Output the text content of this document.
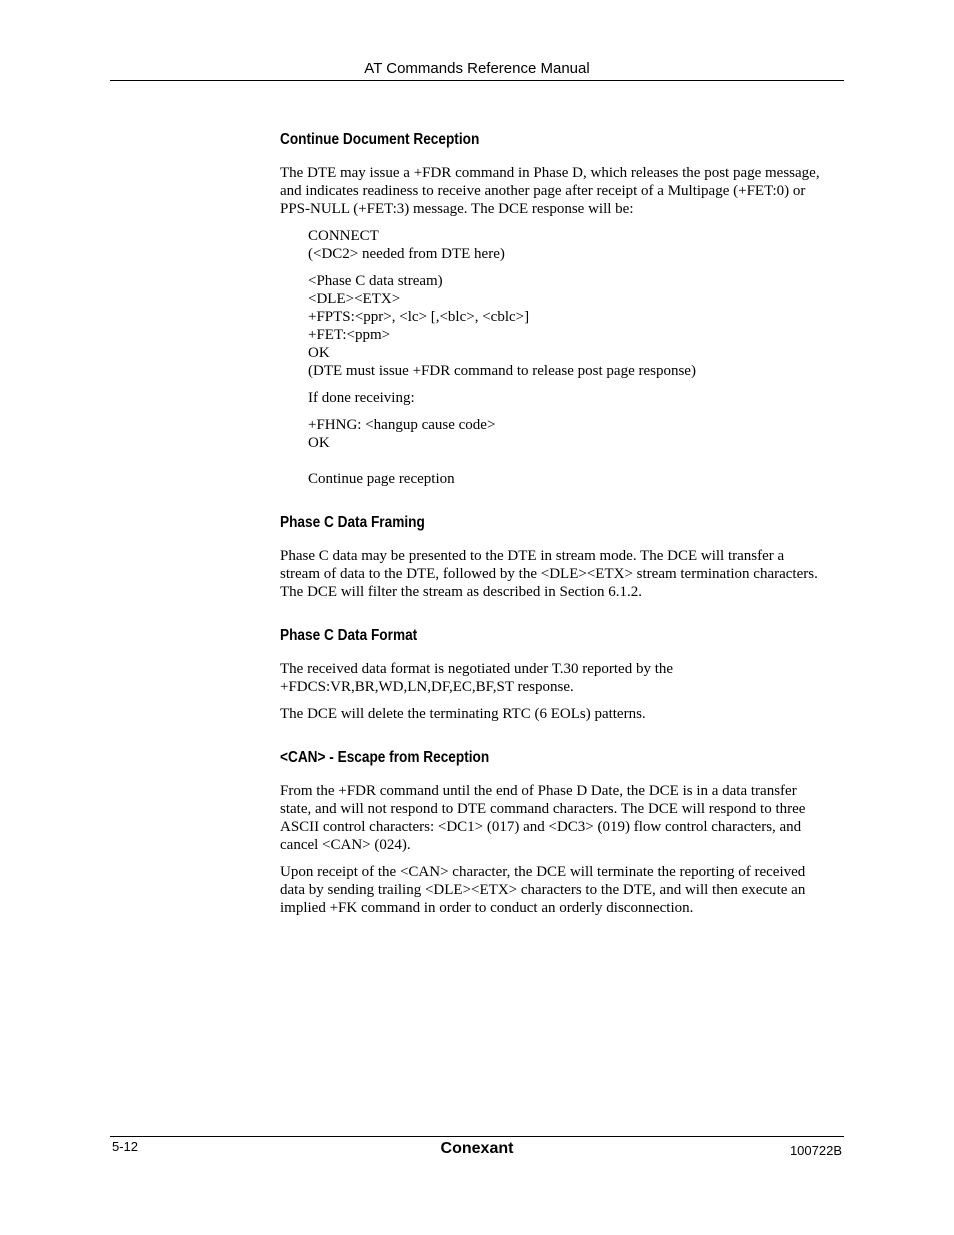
AT Commands Reference Manual
Continue Document Reception

The DTE may issue a +FDR command in Phase D, which releases the post page message,
and indicates readiness to receive another page after receipt of a Multipage (+FET:0) or
PPS-NULL (+FET:3) message. The DCE response will be:

CONNECT
(<DC2> needed from DTE here)

<Phase C data stream)
<DLE><ETX>
+FPTS:<ppr>, <lc> [,<blc>, <cblc>]
+FET:<ppm>
OK
(DTE must issue +FDR command to release post page response)

If done receiving:

+FHNG: <hangup cause code>
OK

Continue page reception

Phase C Data Framing

Phase C data may be presented to the DTE in stream mode. The DCE will transfer a
stream of data to the DTE, followed by the <DLE><ETX> stream termination characters.
The DCE will filter the stream as described in Section 6.1.2.

Phase C Data Format

The received data format is negotiated under T.30 reported by the
+FDCS:VR,BR,WD,LN,DF,EC,BF,ST response.

The DCE will delete the terminating RTC (6 EOLs) patterns.

<CAN> - Escape from Reception

From the +FDR command until the end of Phase D Date, the DCE is in a data transfer
state, and will not respond to DTE command characters. The DCE will respond to three
ASCII control characters: <DC1> (017) and <DC3> (019) flow control characters, and
cancel <CAN> (024).

Upon receipt of the <CAN> character, the DCE will terminate the reporting of received
data by sending trailing <DLE><ETX> characters to the DTE, and will then execute an
implied +FK command in order to conduct an orderly disconnection.

5-12	Conexant	100722B
